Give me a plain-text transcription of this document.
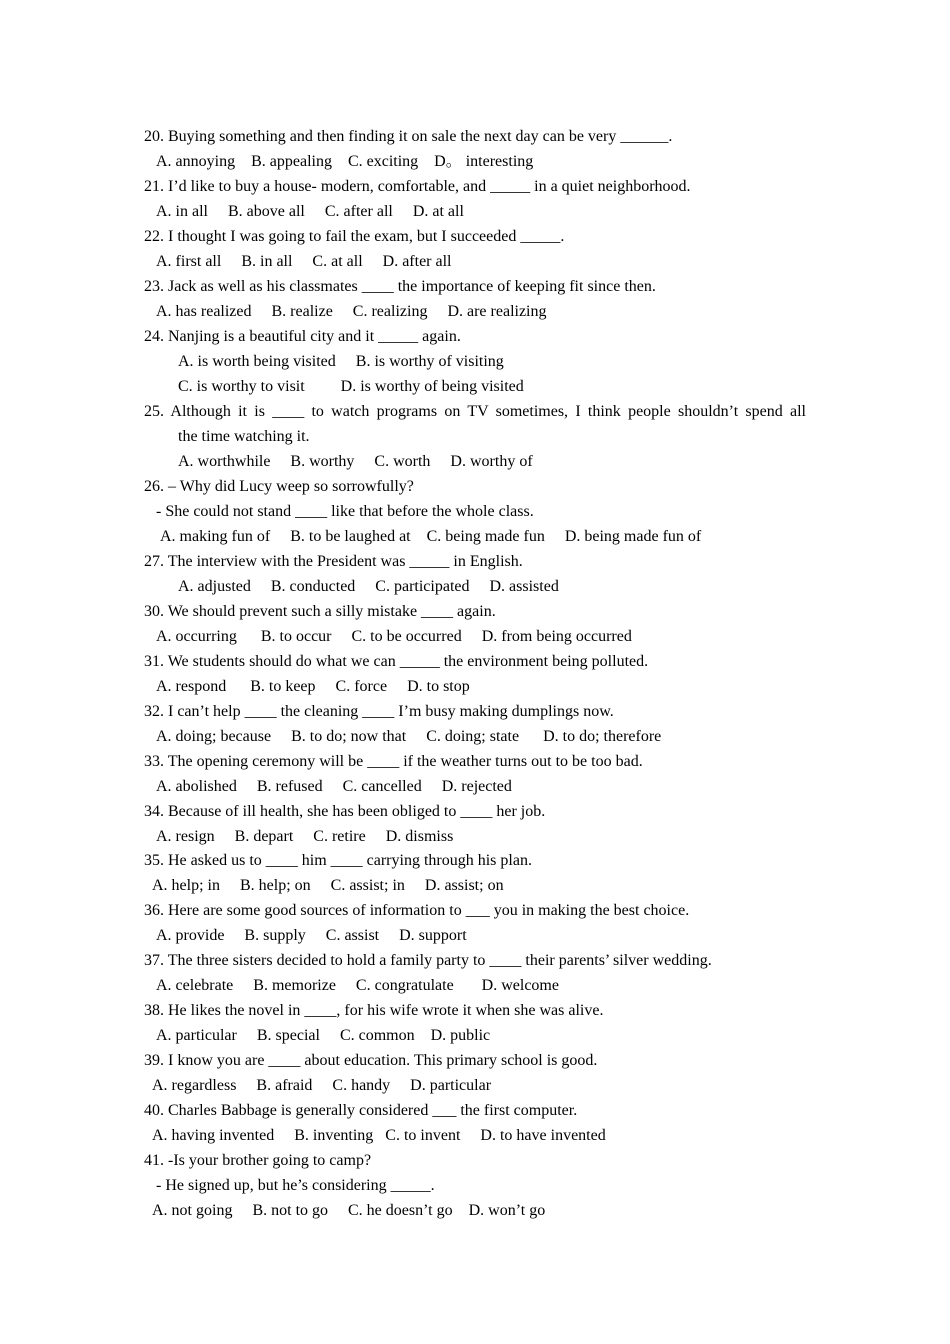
20. Buying something and then finding it on sale the next day can be very ______.
A. annoying    B. appealing    C. exciting    D。 interesting
21. I’d like to buy a house- modern, comfortable, and _____ in a quiet neighborhood.
A. in all     B. above all     C. after all     D. at all
22. I thought I was going to fail the exam, but I succeeded _____.
A. first all     B. in all     C. at all     D. after all
23. Jack as well as his classmates ____ the importance of keeping fit since then.
A. has realized     B. realize     C. realizing     D. are realizing
24. Nanjing is a beautiful city and it _____ again.
A. is worth being visited     B. is worthy of visiting
C. is worthy to visit         D. is worthy of being visited
25. Although it is ____ to watch programs on TV sometimes, I think people shouldn’t spend all
the time watching it.
A. worthwhile     B. worthy     C. worth     D. worthy of
26. – Why did Lucy weep so sorrowfully?
- She could not stand ____ like that before the whole class.
A. making fun of     B. to be laughed at    C. being made fun     D. being made fun of
27. The interview with the President was _____ in English.
A. adjusted     B. conducted     C. participated     D. assisted
30. We should prevent such a silly mistake ____ again.
A. occurring      B. to occur     C. to be occurred     D. from being occurred
31. We students should do what we can _____ the environment being polluted.
A. respond      B. to keep     C. force     D. to stop
32. I can’t help ____ the cleaning ____ I’m busy making dumplings now.
A. doing; because     B. to do; now that     C. doing; state      D. to do; therefore
33. The opening ceremony will be ____ if the weather turns out to be too bad.
A. abolished     B. refused     C. cancelled     D. rejected
34. Because of ill health, she has been obliged to ____ her job.
A. resign     B. depart     C. retire     D. dismiss
35. He asked us to ____ him ____ carrying through his plan.
A. help; in     B. help; on     C. assist; in     D. assist; on
36. Here are some good sources of information to ___ you in making the best choice.
A. provide     B. supply     C. assist     D. support
37. The three sisters decided to hold a family party to ____ their parents’ silver wedding.
A. celebrate     B. memorize     C. congratulate       D. welcome
38. He likes the novel in ____, for his wife wrote it when she was alive.
A. particular     B. special     C. common    D. public
39. I know you are ____ about education. This primary school is good.
A. regardless     B. afraid     C. handy     D. particular
40. Charles Babbage is generally considered ___ the first computer.
A. having invented     B. inventing   C. to invent     D. to have invented
41. -Is your brother going to camp?
- He signed up, but he’s considering _____.
A. not going     B. not to go     C. he doesn’t go    D. won’t go
